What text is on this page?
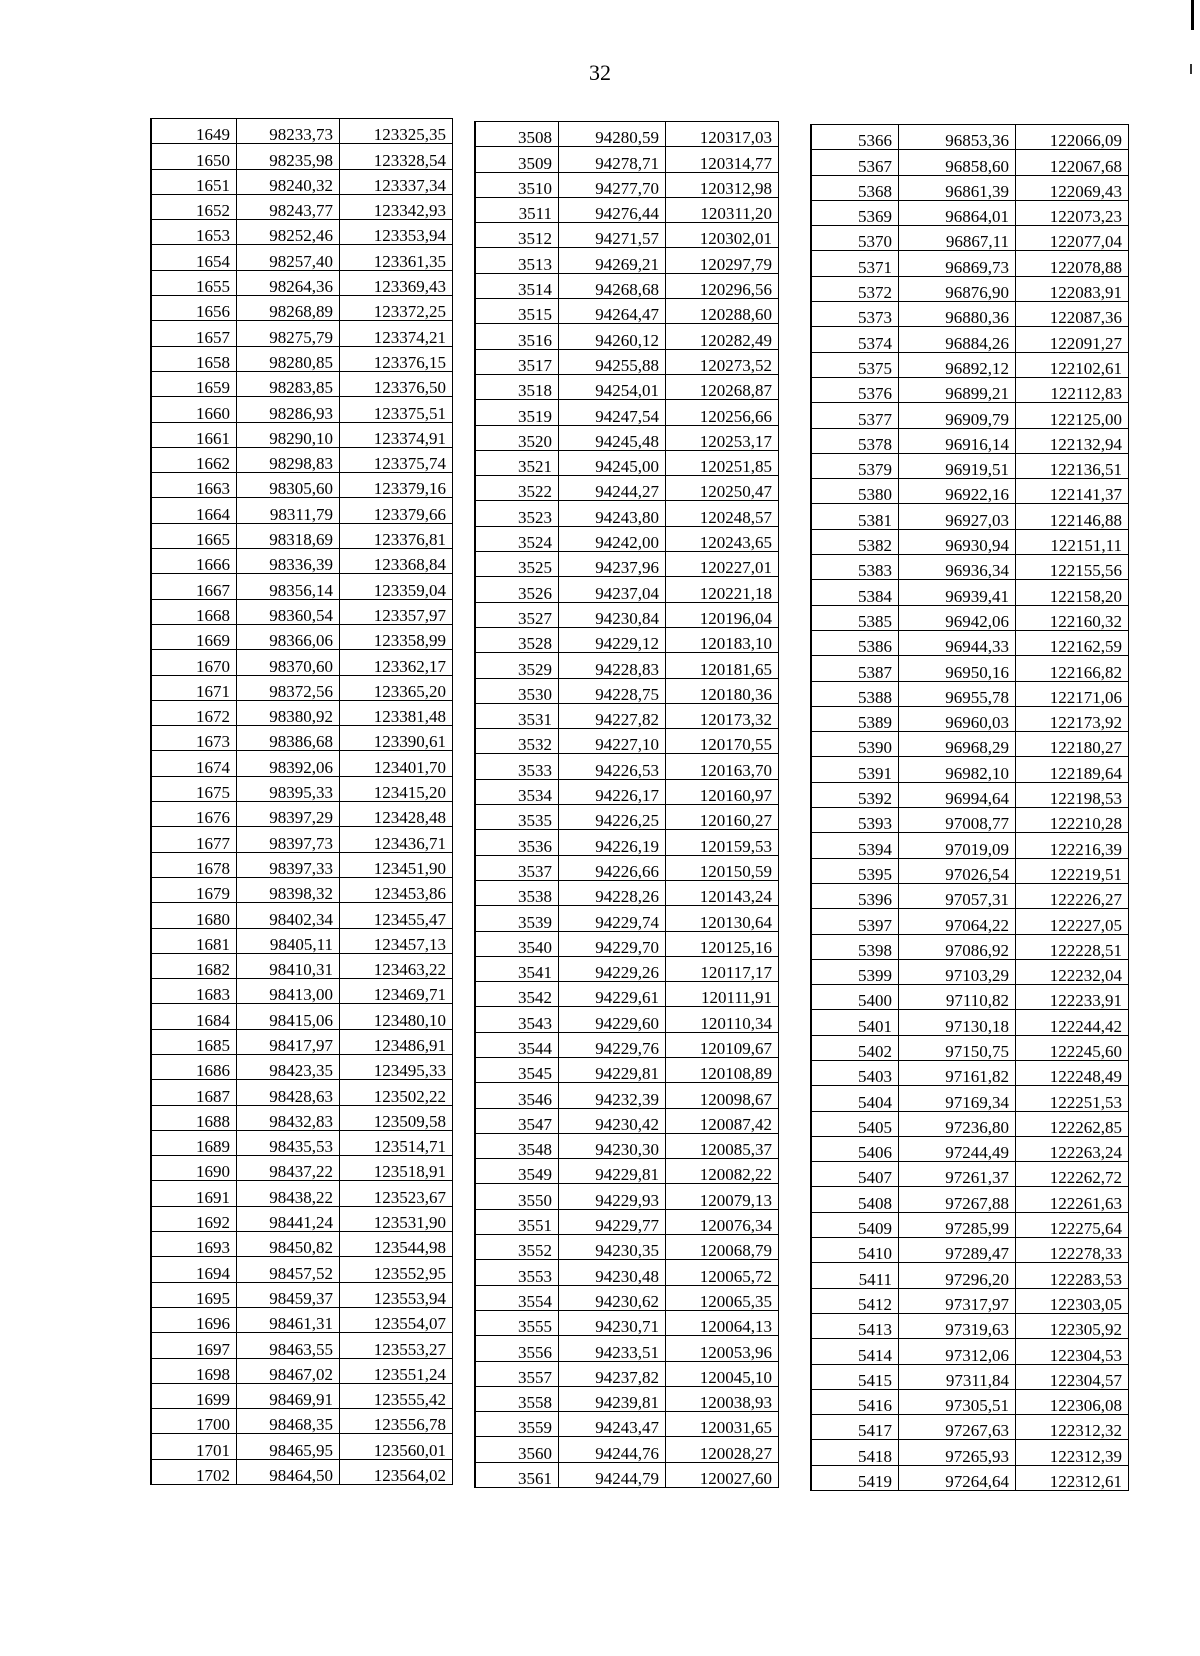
32
1649	98233,73	123325,35
1650	98235,98	123328,54
1651	98240,32	123337,34
1652	98243,77	123342,93
1653	98252,46	123353,94
1654	98257,40	123361,35
1655	98264,36	123369,43
1656	98268,89	123372,25
1657	98275,79	123374,21
1658	98280,85	123376,15
1659	98283,85	123376,50
1660	98286,93	123375,51
1661	98290,10	123374,91
1662	98298,83	123375,74
1663	98305,60	123379,16
1664	98311,79	123379,66
1665	98318,69	123376,81
1666	98336,39	123368,84
1667	98356,14	123359,04
1668	98360,54	123357,97
1669	98366,06	123358,99
1670	98370,60	123362,17
1671	98372,56	123365,20
1672	98380,92	123381,48
1673	98386,68	123390,61
1674	98392,06	123401,70
1675	98395,33	123415,20
1676	98397,29	123428,48
1677	98397,73	123436,71
1678	98397,33	123451,90
1679	98398,32	123453,86
1680	98402,34	123455,47
1681	98405,11	123457,13
1682	98410,31	123463,22
1683	98413,00	123469,71
1684	98415,06	123480,10
1685	98417,97	123486,91
1686	98423,35	123495,33
1687	98428,63	123502,22
1688	98432,83	123509,58
1689	98435,53	123514,71
1690	98437,22	123518,91
1691	98438,22	123523,67
1692	98441,24	123531,90
1693	98450,82	123544,98
1694	98457,52	123552,95
1695	98459,37	123553,94
1696	98461,31	123554,07
1697	98463,55	123553,27
1698	98467,02	123551,24
1699	98469,91	123555,42
1700	98468,35	123556,78
1701	98465,95	123560,01
1702	98464,50	123564,02
3508	94280,59	120317,03
3509	94278,71	120314,77
3510	94277,70	120312,98
3511	94276,44	120311,20
3512	94271,57	120302,01
3513	94269,21	120297,79
3514	94268,68	120296,56
3515	94264,47	120288,60
3516	94260,12	120282,49
3517	94255,88	120273,52
3518	94254,01	120268,87
3519	94247,54	120256,66
3520	94245,48	120253,17
3521	94245,00	120251,85
3522	94244,27	120250,47
3523	94243,80	120248,57
3524	94242,00	120243,65
3525	94237,96	120227,01
3526	94237,04	120221,18
3527	94230,84	120196,04
3528	94229,12	120183,10
3529	94228,83	120181,65
3530	94228,75	120180,36
3531	94227,82	120173,32
3532	94227,10	120170,55
3533	94226,53	120163,70
3534	94226,17	120160,97
3535	94226,25	120160,27
3536	94226,19	120159,53
3537	94226,66	120150,59
3538	94228,26	120143,24
3539	94229,74	120130,64
3540	94229,70	120125,16
3541	94229,26	120117,17
3542	94229,61	120111,91
3543	94229,60	120110,34
3544	94229,76	120109,67
3545	94229,81	120108,89
3546	94232,39	120098,67
3547	94230,42	120087,42
3548	94230,30	120085,37
3549	94229,81	120082,22
3550	94229,93	120079,13
3551	94229,77	120076,34
3552	94230,35	120068,79
3553	94230,48	120065,72
3554	94230,62	120065,35
3555	94230,71	120064,13
3556	94233,51	120053,96
3557	94237,82	120045,10
3558	94239,81	120038,93
3559	94243,47	120031,65
3560	94244,76	120028,27
3561	94244,79	120027,60
5366	96853,36	122066,09
5367	96858,60	122067,68
5368	96861,39	122069,43
5369	96864,01	122073,23
5370	96867,11	122077,04
5371	96869,73	122078,88
5372	96876,90	122083,91
5373	96880,36	122087,36
5374	96884,26	122091,27
5375	96892,12	122102,61
5376	96899,21	122112,83
5377	96909,79	122125,00
5378	96916,14	122132,94
5379	96919,51	122136,51
5380	96922,16	122141,37
5381	96927,03	122146,88
5382	96930,94	122151,11
5383	96936,34	122155,56
5384	96939,41	122158,20
5385	96942,06	122160,32
5386	96944,33	122162,59
5387	96950,16	122166,82
5388	96955,78	122171,06
5389	96960,03	122173,92
5390	96968,29	122180,27
5391	96982,10	122189,64
5392	96994,64	122198,53
5393	97008,77	122210,28
5394	97019,09	122216,39
5395	97026,54	122219,51
5396	97057,31	122226,27
5397	97064,22	122227,05
5398	97086,92	122228,51
5399	97103,29	122232,04
5400	97110,82	122233,91
5401	97130,18	122244,42
5402	97150,75	122245,60
5403	97161,82	122248,49
5404	97169,34	122251,53
5405	97236,80	122262,85
5406	97244,49	122263,24
5407	97261,37	122262,72
5408	97267,88	122261,63
5409	97285,99	122275,64
5410	97289,47	122278,33
5411	97296,20	122283,53
5412	97317,97	122303,05
5413	97319,63	122305,92
5414	97312,06	122304,53
5415	97311,84	122304,57
5416	97305,51	122306,08
5417	97267,63	122312,32
5418	97265,93	122312,39
5419	97264,64	122312,61
